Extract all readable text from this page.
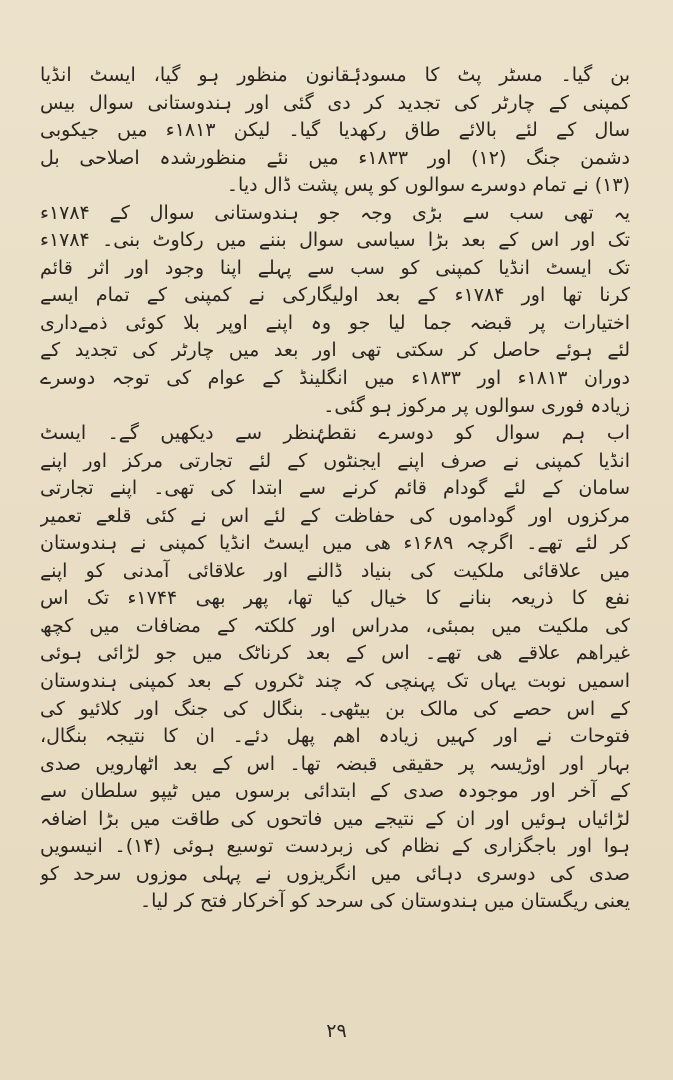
بن گیا۔ مسٹر پٹ کا مسودۂقانون منظور ہو گیا، ایسٹ انڈیا
کمپنی کے چارٹر کی تجدید کر دی گئی اور ہندوستانی سوال بیس
سال کے لئے بالائے طاق رکھدیا گیا۔ لیکن ۱۸۱۳ء میں جیکوبی
دشمن جنگ (۱۲) اور ۱۸۳۳ء میں نئے منظورشدہ اصلاحی بل
(۱۳) نے تمام دوسرے سوالوں کو پس پشت ڈال دیا۔
یہ تھی سب سے بڑی وجہ جو ہندوستانی سوال کے ۱۷۸۴ء
تک اور اس کے بعد بڑا سیاسی سوال بننے میں رکاوٹ بنی۔ ۱۷۸۴ء
تک ایسٹ انڈیا کمپنی کو سب سے پہلے اپنا وجود اور اثر قائم
کرنا تھا اور ۱۷۸۴ء کے بعد اولیگارکی نے کمپنی کے تمام ایسے
اختیارات پر قبضہ جما لیا جو وہ اپنے اوپر بلا کوئی ذمےداری
لئے ہوئے حاصل کر سکتی تھی اور بعد میں چارٹر کی تجدید کے
دوران ۱۸۱۳ء اور ۱۸۳۳ء میں انگلینڈ کے عوام کی توجہ دوسرے
زیادہ فوری سوالوں پر مرکوز ہو گئی۔
اب ہم سوال کو دوسرے نقطۂنظر سے دیکھیں گے۔ ایسٹ
انڈیا کمپنی نے صرف اپنے ایجنٹوں کے لئے تجارتی مرکز اور اپنے
سامان کے لئے گودام قائم کرنے سے ابتدا کی تھی۔ اپنے تجارتی
مرکزوں اور گوداموں کی حفاظت کے لئے اس نے کئی قلعے تعمیر
کر لئے تھے۔ اگرچہ ۱۶۸۹ء ھی میں ایسٹ انڈیا کمپنی نے ہندوستان
میں علاقائی ملکیت کی بنیاد ڈالنے اور علاقائی آمدنی کو اپنے
نفع کا ذریعہ بنانے کا خیال کیا تھا، پھر بھی ۱۷۴۴ء تک اس
کی ملکیت میں بمبئی، مدراس اور کلکتہ کے مضافات میں کچھ
غیراھم علاقے ھی تھے۔ اس کے بعد کرناٹک میں جو لڑائی ہوئی
اسمیں نوبت یہاں تک پہنچی کہ چند ٹکروں کے بعد کمپنی ہندوستان
کے اس حصے کی مالک بن بیٹھی۔ بنگال کی جنگ اور کلائیو کی
فتوحات نے اور کہیں زیادہ اھم پھل دئے۔ ان کا نتیجہ بنگال،
بہار اور اوڑیسہ پر حقیقی قبضہ تھا۔ اس کے بعد اٹھارویں صدی
کے آخر اور موجودہ صدی کے ابتدائی برسوں میں ٹیپو سلطان سے
لڑائیاں ہوئیں اور ان کے نتیجے میں فاتحوں کی طاقت میں بڑا اضافہ
ہوا اور باجگزاری کے نظام کی زبردست توسیع ہوئی (۱۴)۔ انیسویں
صدی کی دوسری دہائی میں انگریزوں نے پہلی موزوں سرحد کو
یعنی ریگستان میں ہندوستان کی سرحد کو آخرکار فتح کر لیا۔
۲۹
